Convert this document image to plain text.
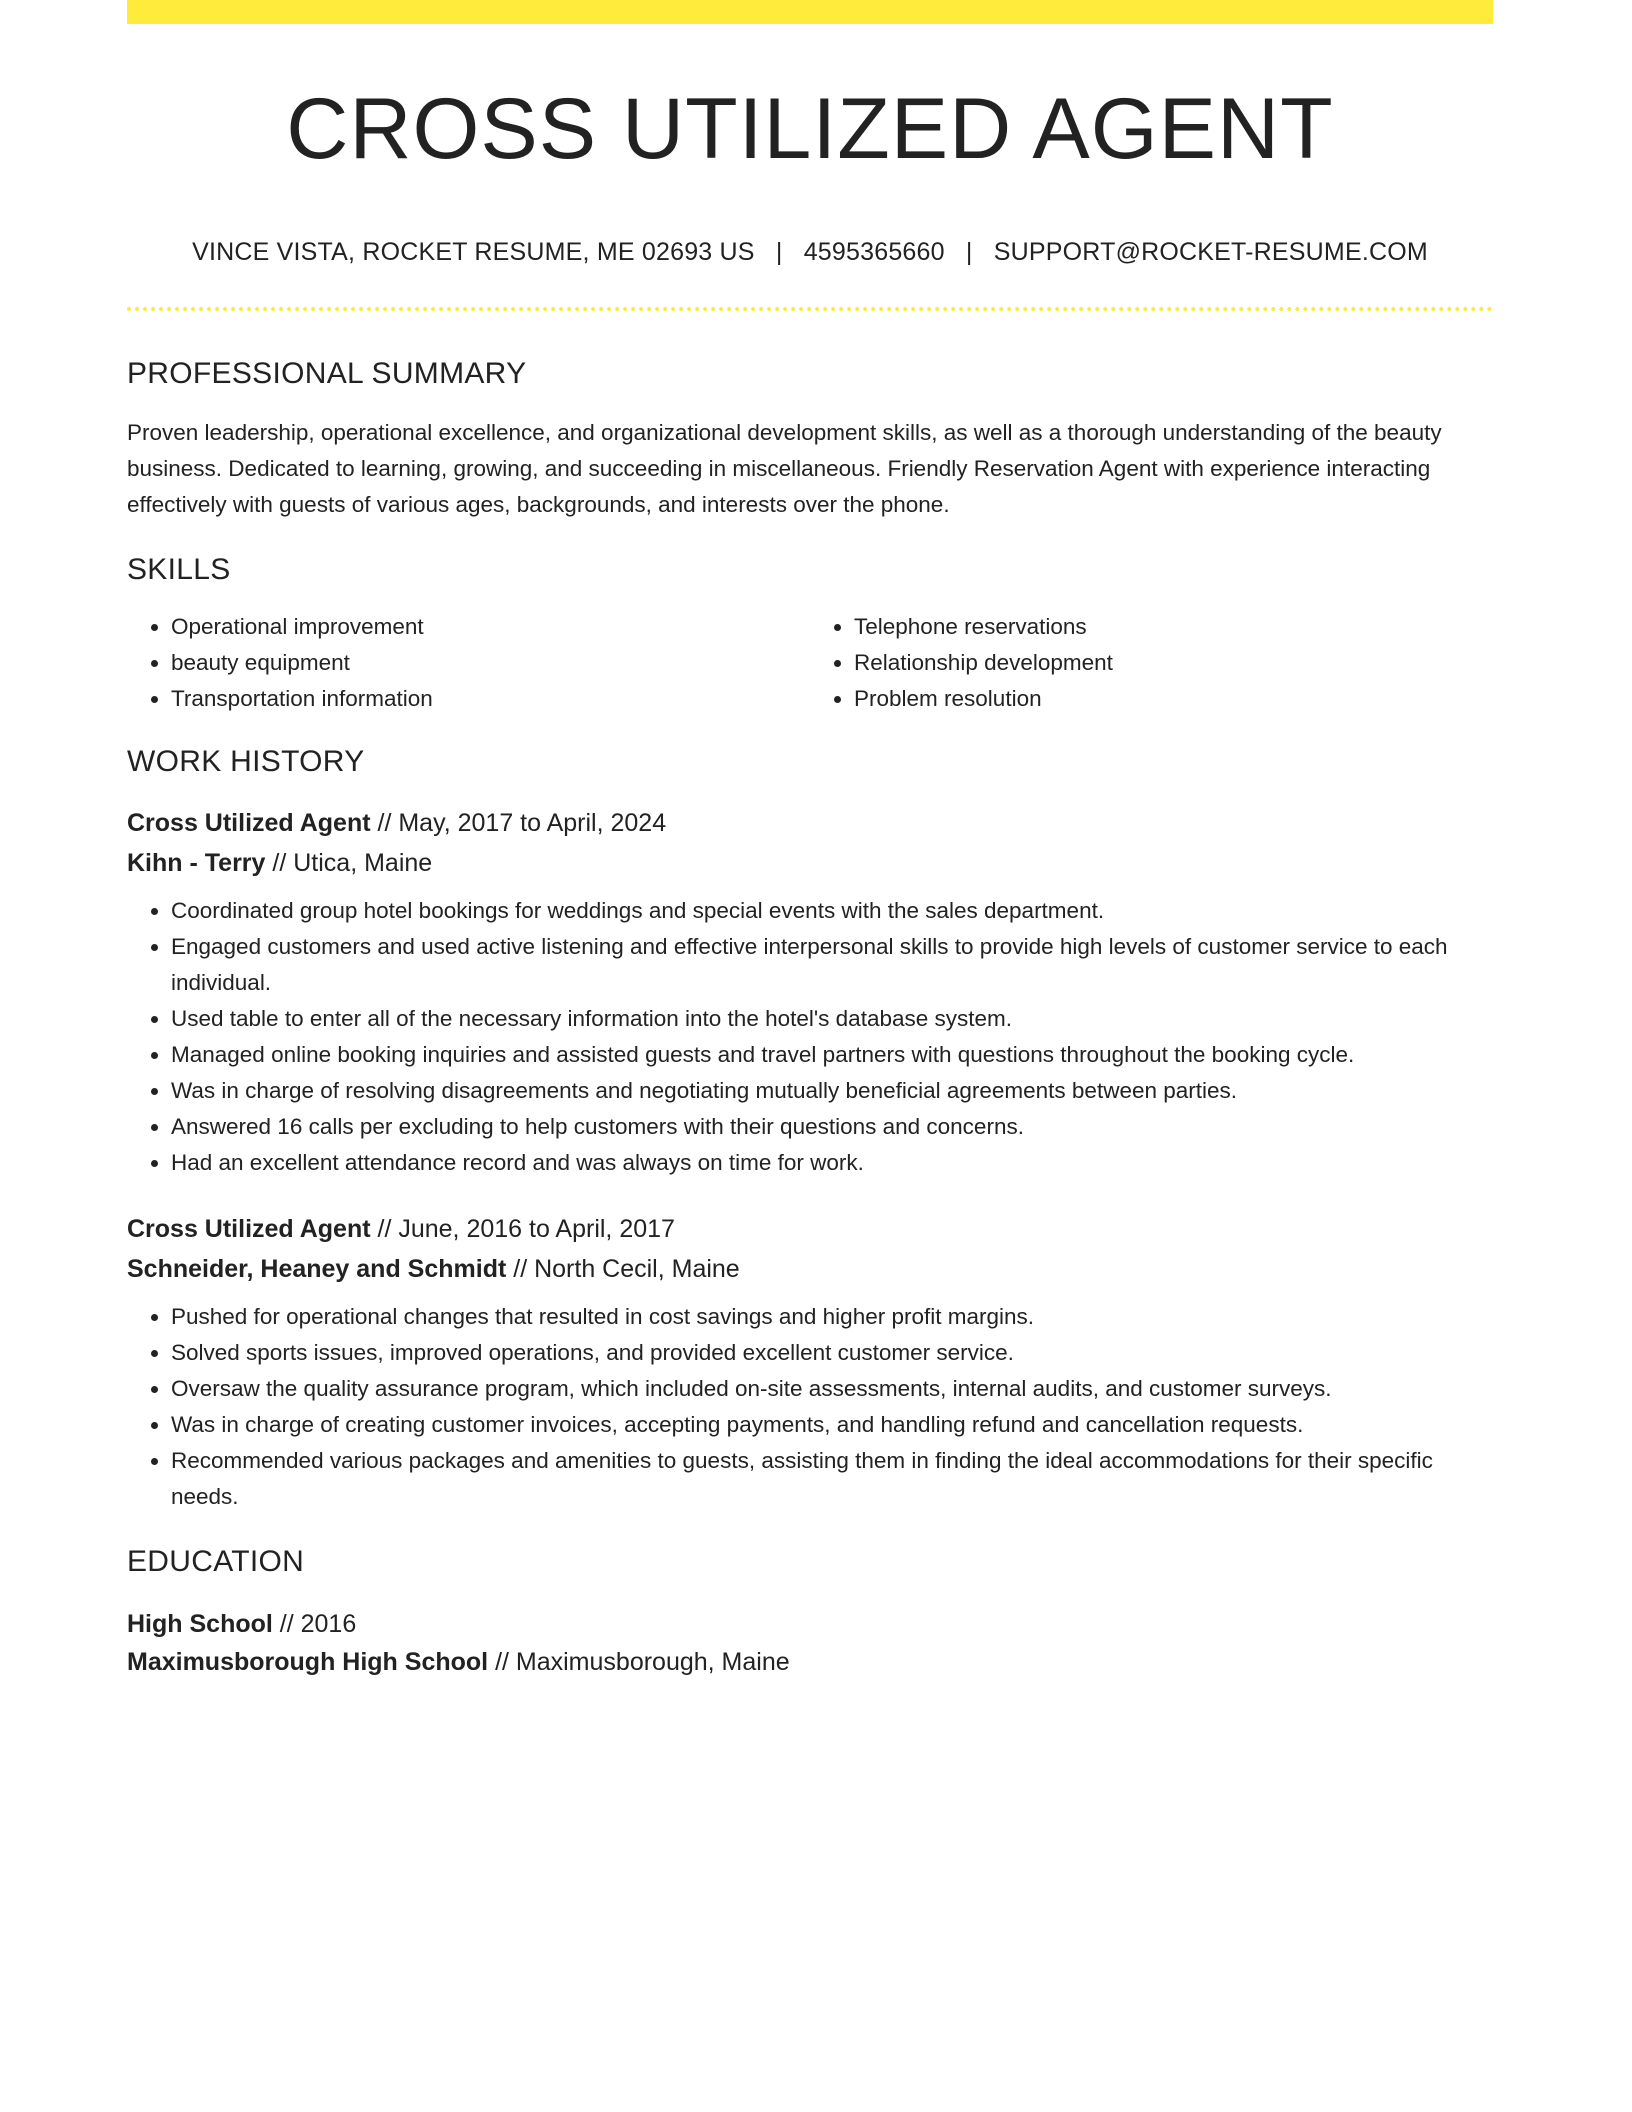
CROSS UTILIZED AGENT
VINCE VISTA, ROCKET RESUME, ME 02693 US | 4595365660 | SUPPORT@ROCKET-RESUME.COM
PROFESSIONAL SUMMARY
Proven leadership, operational excellence, and organizational development skills, as well as a thorough understanding of the beauty business. Dedicated to learning, growing, and succeeding in miscellaneous. Friendly Reservation Agent with experience interacting effectively with guests of various ages, backgrounds, and interests over the phone.
SKILLS
• Operational improvement
• beauty equipment
• Transportation information
• Telephone reservations
• Relationship development
• Problem resolution
WORK HISTORY
Cross Utilized Agent // May, 2017 to April, 2024
Kihn - Terry // Utica, Maine
• Coordinated group hotel bookings for weddings and special events with the sales department.
• Engaged customers and used active listening and effective interpersonal skills to provide high levels of customer service to each individual.
• Used table to enter all of the necessary information into the hotel's database system.
• Managed online booking inquiries and assisted guests and travel partners with questions throughout the booking cycle.
• Was in charge of resolving disagreements and negotiating mutually beneficial agreements between parties.
• Answered 16 calls per excluding to help customers with their questions and concerns.
• Had an excellent attendance record and was always on time for work.
Cross Utilized Agent // June, 2016 to April, 2017
Schneider, Heaney and Schmidt // North Cecil, Maine
• Pushed for operational changes that resulted in cost savings and higher profit margins.
• Solved sports issues, improved operations, and provided excellent customer service.
• Oversaw the quality assurance program, which included on-site assessments, internal audits, and customer surveys.
• Was in charge of creating customer invoices, accepting payments, and handling refund and cancellation requests.
• Recommended various packages and amenities to guests, assisting them in finding the ideal accommodations for their specific needs.
EDUCATION
High School // 2016
Maximusborough High School // Maximusborough, Maine
